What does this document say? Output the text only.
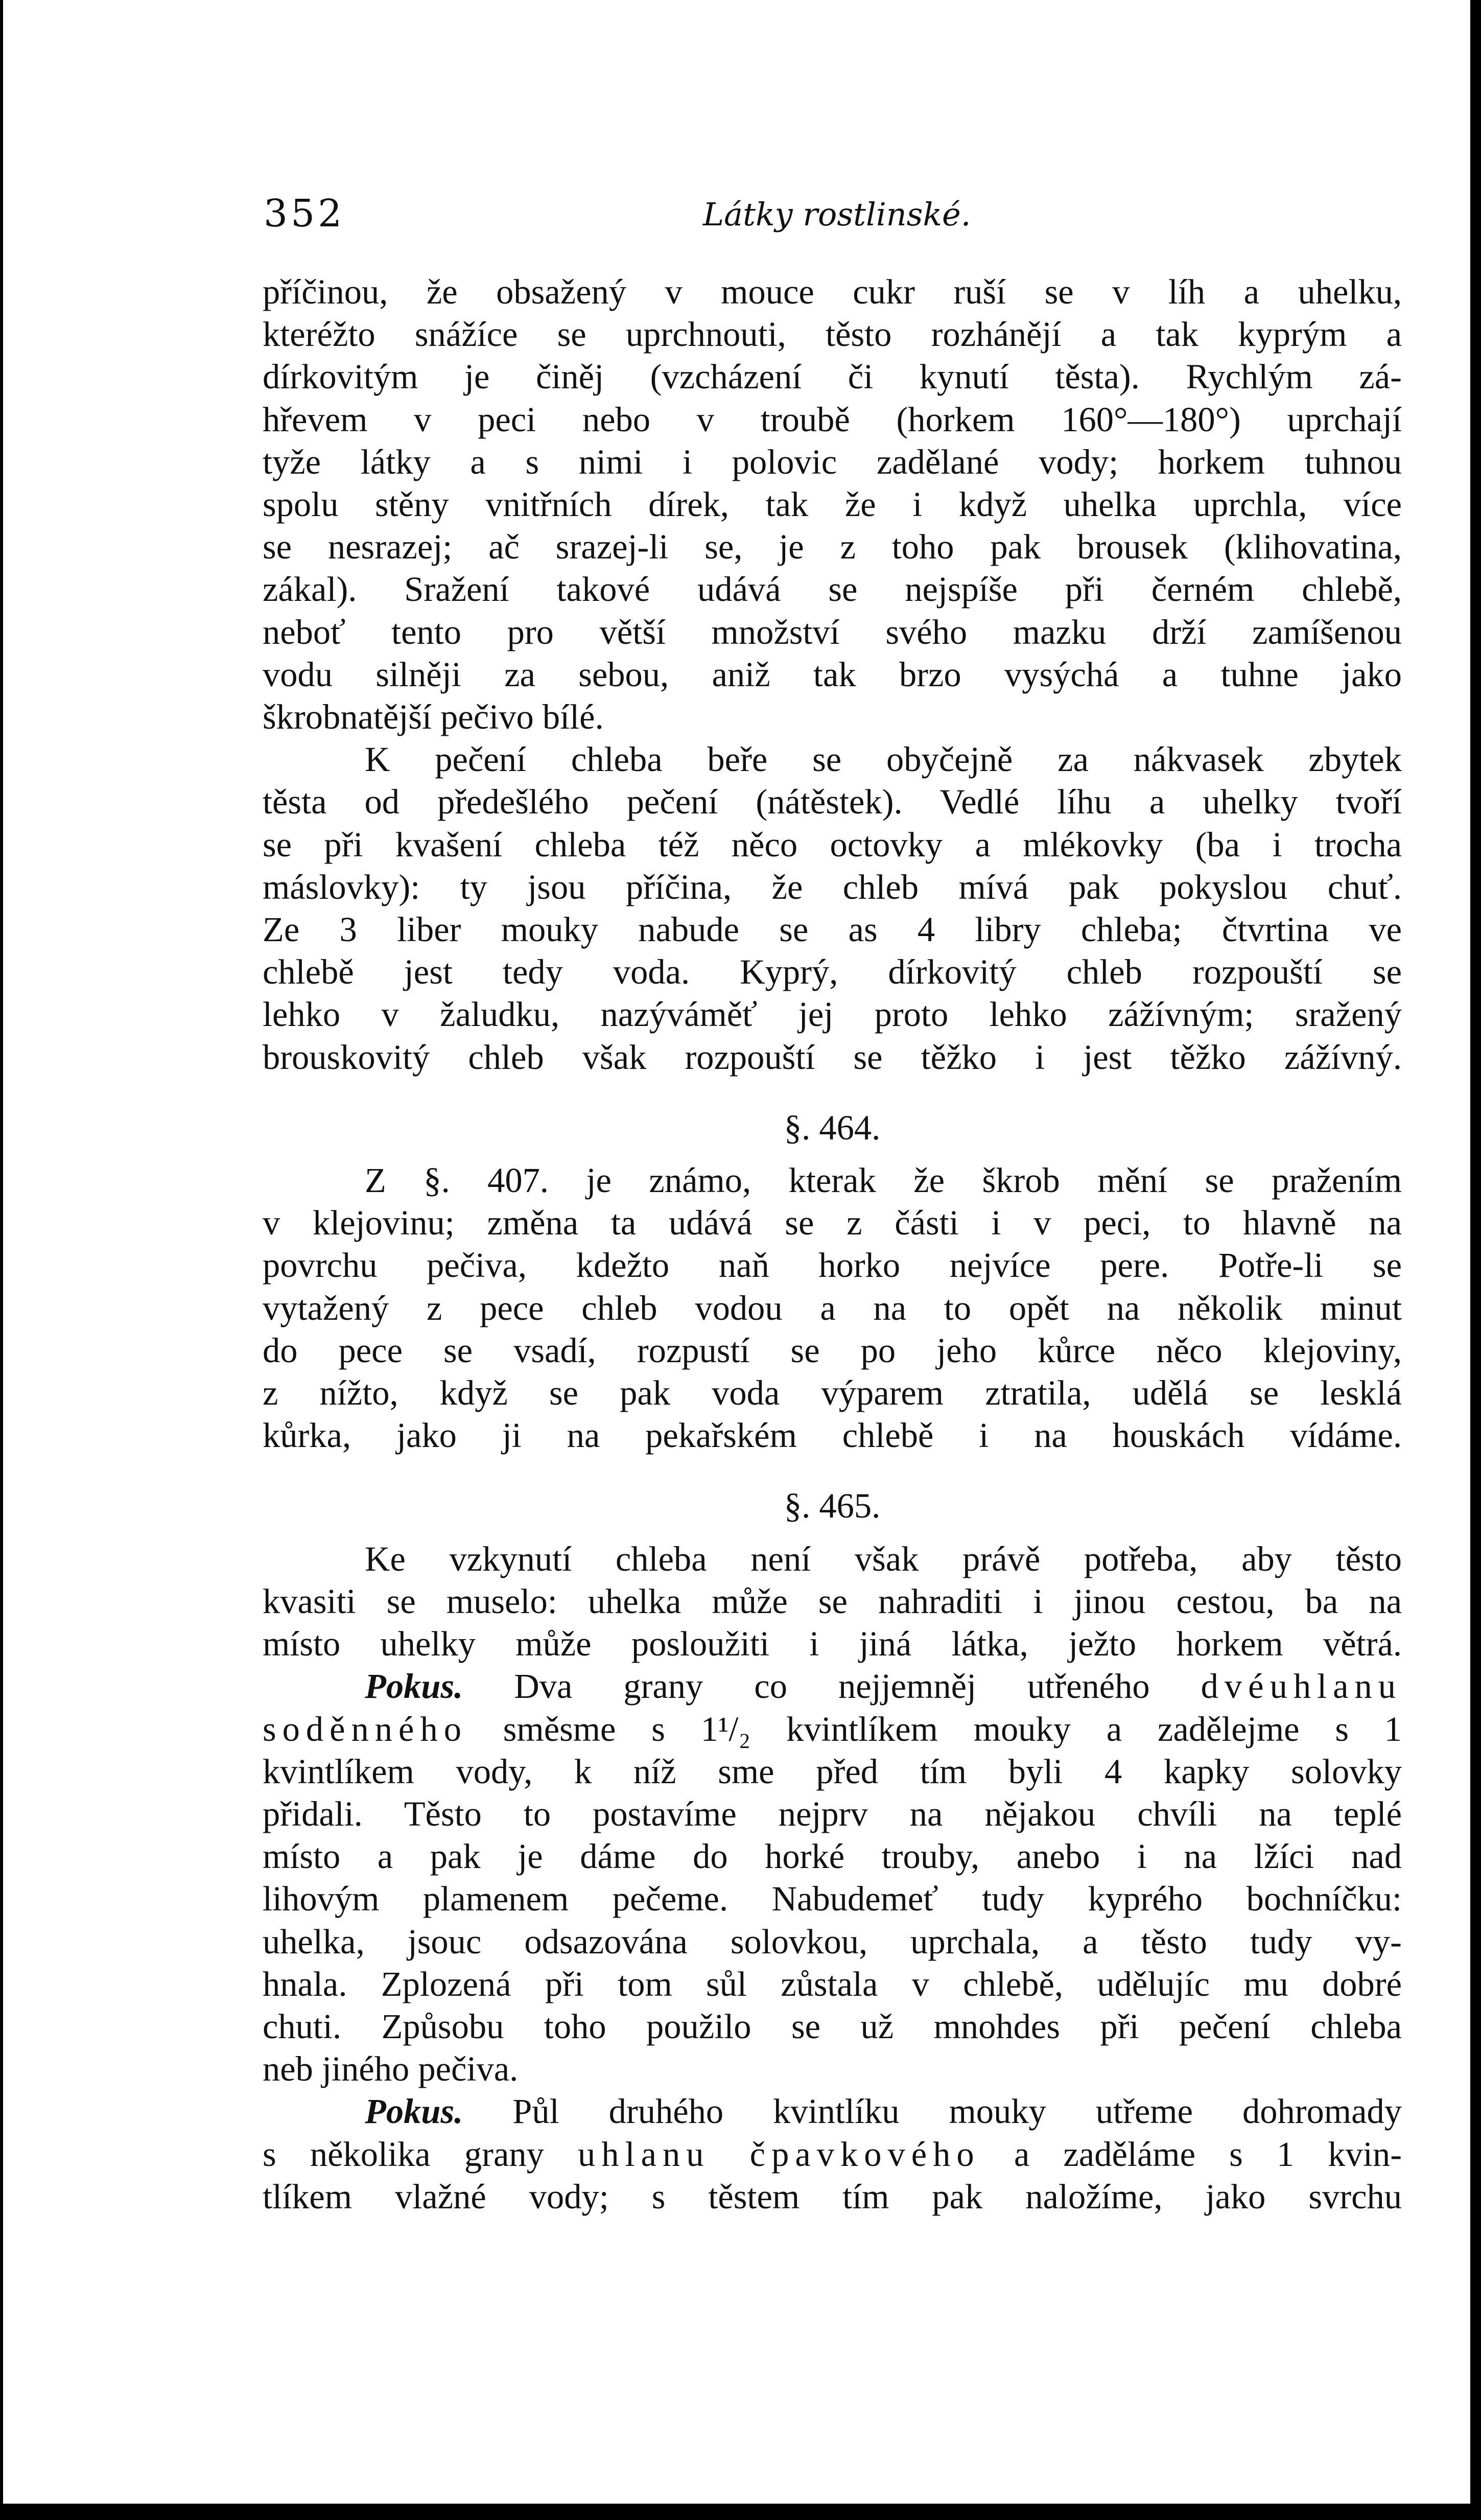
352	Látky rostlinské.
příčinou, že obsažený v mouce cukr ruší se v líh a uhelku,
kteréžto snážíce se uprchnouti, těsto rozhánějí a tak kyprým a
dírkovitým je činěj (vzcházení či kynutí těsta). Rychlým zá-
hřevem v peci nebo v troubě (horkem 160°—180°) uprchají
tyže látky a s nimi i polovic zadělané vody; horkem tuhnou
spolu stěny vnitřních dírek, tak že i když uhelka uprchla, více
se nesrazej; ač srazej-li se, je z toho pak brousek (klihovatina,
zákal). Sražení takové udává se nejspíše při černém chlebě,
neboť tento pro větší množství svého mazku drží zamíšenou
vodu silněji za sebou, aniž tak brzo vysýchá a tuhne jako
škrobnatější pečivo bílé.
K pečení chleba beře se obyčejně za nákvasek zbytek
těsta od předešlého pečení (nátěstek). Vedlé líhu a uhelky tvoří
se při kvašení chleba též něco octovky a mlékovky (ba i trocha
máslovky): ty jsou příčina, že chleb mívá pak pokyslou chuť.
Ze 3 liber mouky nabude se as 4 libry chleba; čtvrtina ve
chlebě jest tedy voda. Kyprý, dírkovitý chleb rozpouští se
lehko v žaludku, nazýváměť jej proto lehko zážívným; sražený
brouskovitý chleb však rozpouští se těžko i jest těžko zážívný.
§. 464.
Z §. 407. je známo, kterak že škrob mění se pražením
v klejovinu; změna ta udává se z části i v peci, to hlavně na
povrchu pečiva, kdežto naň horko nejvíce pere. Potře-li se
vytažený z pece chleb vodou a na to opět na několik minut
do pece se vsadí, rozpustí se po jeho kůrce něco klejoviny,
z nížto, když se pak voda výparem ztratila, udělá se lesklá
kůrka, jako ji na pekařském chlebě i na houskách vídáme.
§. 465.
Ke vzkynutí chleba není však právě potřeba, aby těsto
kvasiti se muselo: uhelka může se nahraditi i jinou cestou, ba na
místo uhelky může posloužiti i jiná látka, ježto horkem větrá.
Pokus. Dva grany co nejjemněj utřeného dvéuhlanu
soděnného směsme s 1¹/₂ kvintlíkem mouky a zadělejme s 1
kvintlíkem vody, k níž sme před tím byli 4 kapky solovky
přidali. Těsto to postavíme nejprv na nějakou chvíli na teplé
místo a pak je dáme do horké trouby, anebo i na lžíci nad
lihovým plamenem pečeme. Nabudemeť tudy kyprého bochníčku:
uhelka, jsouc odsazována solovkou, uprchala, a těsto tudy vy-
hnala. Zplozená při tom sůl zůstala v chlebě, udělujíc mu dobré
chuti. Způsobu toho použilo se už mnohdes při pečení chleba
neb jiného pečiva.
Pokus. Půl druhého kvintlíku mouky utřeme dohromady
s několika grany uhlanu čpavkového a zaděláme s 1 kvin-
tlíkem vlažné vody; s těstem tím pak naložíme, jako svrchu
